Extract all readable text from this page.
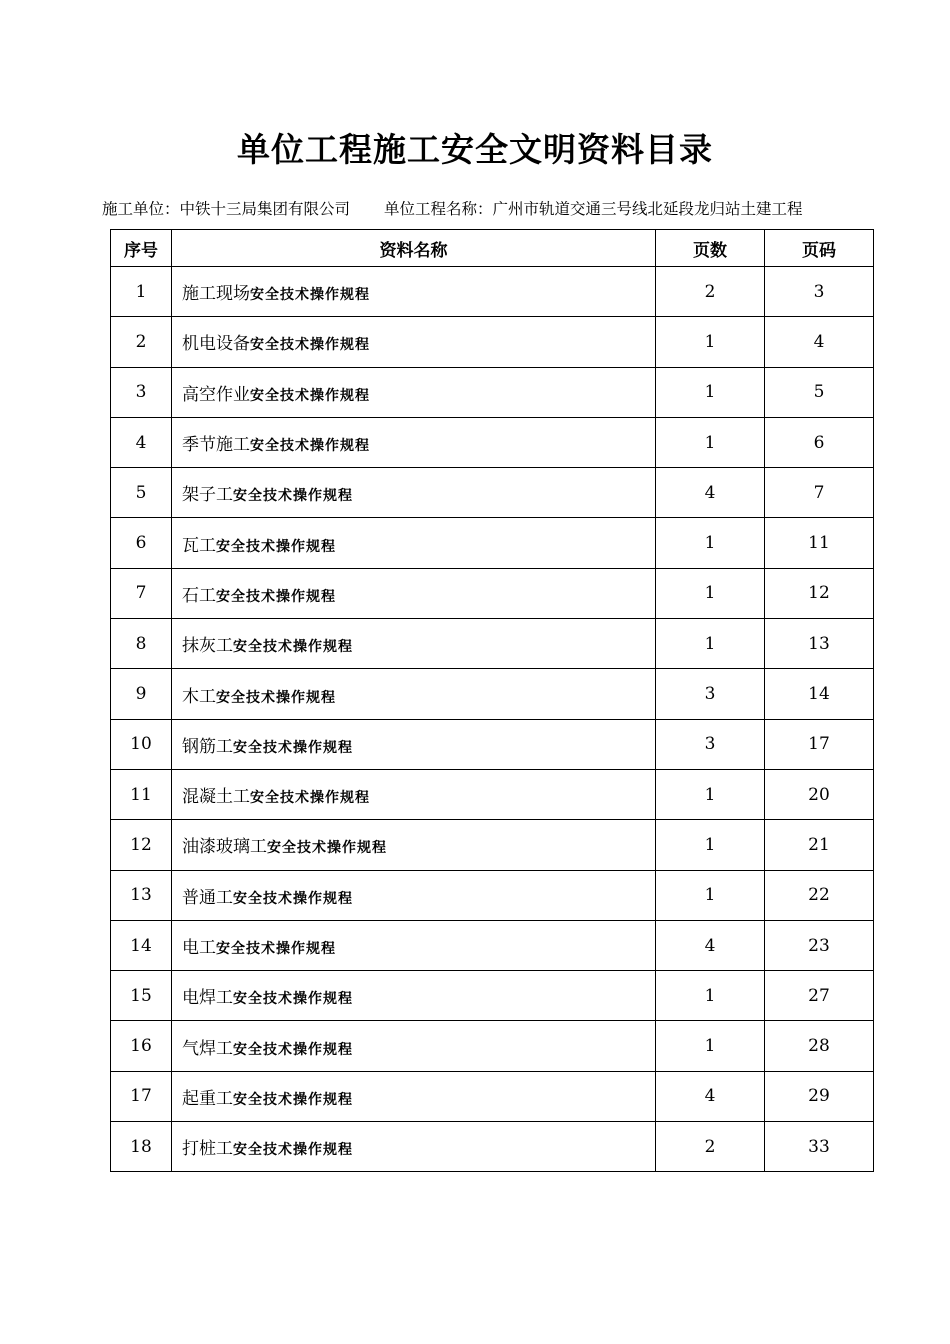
单位工程施工安全文明资料目录
施工单位：中铁十三局集团有限公司 单位工程名称：广州市轨道交通三号线北延段龙归站土建工程
序号	资料名称	页数	页码
1	施工现场安全技术操作规程	2	3
2	机电设备安全技术操作规程	1	4
3	高空作业安全技术操作规程	1	5
4	季节施工安全技术操作规程	1	6
5	架子工安全技术操作规程	4	7
6	瓦工安全技术操作规程	1	11
7	石工安全技术操作规程	1	12
8	抹灰工安全技术操作规程	1	13
9	木工安全技术操作规程	3	14
10	钢筋工安全技术操作规程	3	17
11	混凝土工安全技术操作规程	1	20
12	油漆玻璃工安全技术操作规程	1	21
13	普通工安全技术操作规程	1	22
14	电工安全技术操作规程	4	23
15	电焊工安全技术操作规程	1	27
16	气焊工安全技术操作规程	1	28
17	起重工安全技术操作规程	4	29
18	打桩工安全技术操作规程	2	33
